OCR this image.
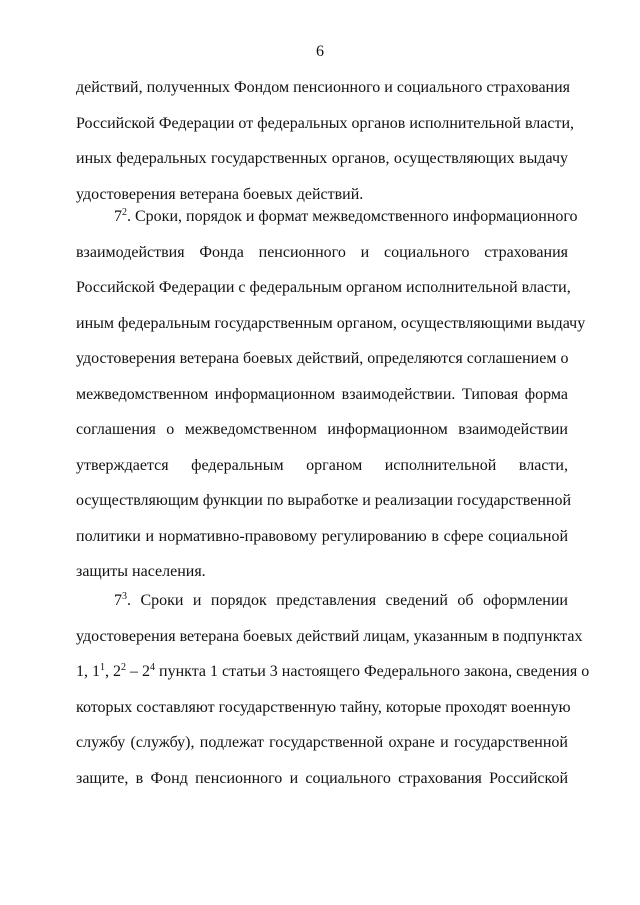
6
действий, полученных Фондом пенсионного и социального страхования
Российской Федерации от федеральных органов исполнительной власти,
иных федеральных государственных органов, осуществляющих выдачу
удостоверения ветерана боевых действий.
$7^2$. Сроки, порядок и формат межведомственного информационного
взаимодействия Фонда пенсионного и социального страхования
Российской Федерации с федеральным органом исполнительной власти,
иным федеральным государственным органом, осуществляющими выдачу
удостоверения ветерана боевых действий, определяются соглашением о
межведомственном информационном взаимодействии. Типовая форма
соглашения о межведомственном информационном взаимодействии
утверждается федеральным органом исполнительной власти,
осуществляющим функции по выработке и реализации государственной
политики и нормативно-правовому регулированию в сфере социальной
защиты населения.
$7^3$. Сроки и порядок представления сведений об оформлении
удостоверения ветерана боевых действий лицам, указанным в подпунктах
1, $1^1$, $2^2 - 2^4$ пункта 1 статьи 3 настоящего Федерального закона, сведения о
которых составляют государственную тайну, которые проходят военную
службу (службу), подлежат государственной охране и государственной
защите, в Фонд пенсионного и социального страхования Российской
